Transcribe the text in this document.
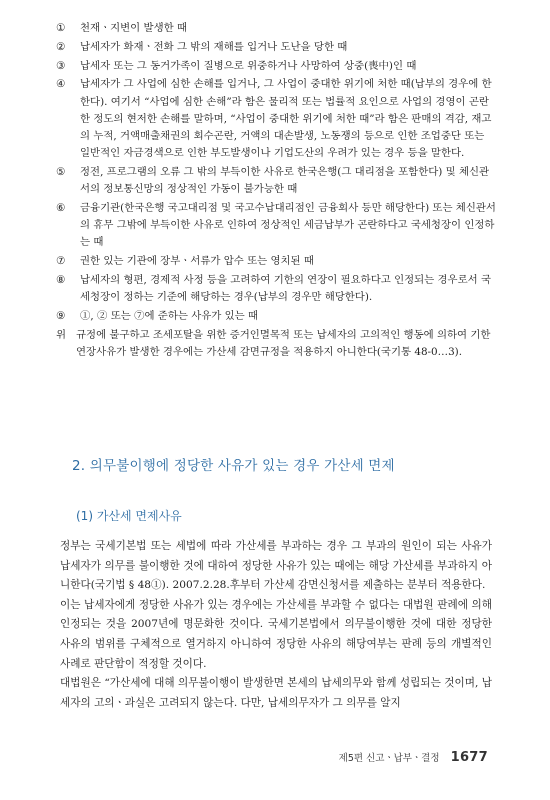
① 천재ㆍ지변이 발생한 때
② 납세자가 화재ㆍ전화 그 밖의 재해를 입거나 도난을 당한 때
③ 납세자 또는 그 동거가족이 질병으로 위중하거나 사망하여 상중(喪中)인 때
④ 납세자가 그 사업에 심한 손해를 입거나, 그 사업이 중대한 위기에 처한 때(납부의 경우에 한한다). 여기서 “사업에 심한 손해”라 함은 물리적 또는 법률적 요인으로 사업의 경영이 곤란한 정도의 현저한 손해를 말하며, “사업이 중대한 위기에 처한 때”라 함은 판매의 격감, 재고의 누적, 거액매출채권의 회수곤란, 거액의 대손발생, 노동쟁의 등으로 인한 조업중단 또는 일반적인 자금경색으로 인한 부도발생이나 기업도산의 우려가 있는 경우 등을 말한다.
⑤ 정전, 프로그램의 오류 그 밖의 부득이한 사유로 한국은행(그 대리점을 포함한다) 및 체신관서의 정보통신망의 정상적인 가동이 불가능한 때
⑥ 금융기관(한국은행 국고대리점 및 국고수납대리점인 금융회사 등만 해당한다) 또는 체신관서의 휴무 그밖에 부득이한 사유로 인하여 정상적인 세금납부가 곤란하다고 국세청장이 인정하는 때
⑦ 권한 있는 기관에 장부ㆍ서류가 압수 또는 영치된 때
⑧ 납세자의 형편, 경제적 사정 등을 고려하여 기한의 연장이 필요하다고 인정되는 경우로서 국세청장이 정하는 기준에 해당하는 경우(납부의 경우만 해당한다).
⑨ ①, ② 또는 ⑦에 준하는 사유가 있는 때
위 규정에 불구하고 조세포탈을 위한 증거인멸목적 또는 납세자의 고의적인 행동에 의하여 기한연장사유가 발생한 경우에는 가산세 감면규정을 적용하지 아니한다(국기통 48-0…3).
2. 의무불이행에 정당한 사유가 있는 경우 가산세 면제
(1) 가산세 면제사유

정부는 국세기본법 또는 세법에 따라 가산세를 부과하는 경우 그 부과의 원인이 되는 사유가 납세자가 의무를 불이행한 것에 대하여 정당한 사유가 있는 때에는 해당 가산세를 부과하지 아니한다(국기법 § 48①). 2007.2.28.후부터 가산세 감면신청서를 제출하는 분부터 적용한다.

이는 납세자에게 정당한 사유가 있는 경우에는 가산세를 부과할 수 없다는 대법원 판례에 의해 인정되는 것을 2007년에 명문화한 것이다. 국세기본법에서 의무불이행한 것에 대한 정당한 사유의 범위를 구체적으로 열거하지 아니하여 정당한 사유의 해당여부는 판례 등의 개별적인 사례로 판단함이 적정할 것이다.

대법원은 “가산세에 대해 의무불이행이 발생한면 본세의 납세의무와 함께 성립되는 것이며, 납세자의 고의ㆍ과실은 고려되지 않는다. 다만, 납세의무자가 그 의무를 알지

제5편 신고ㆍ납부ㆍ결정 1677
